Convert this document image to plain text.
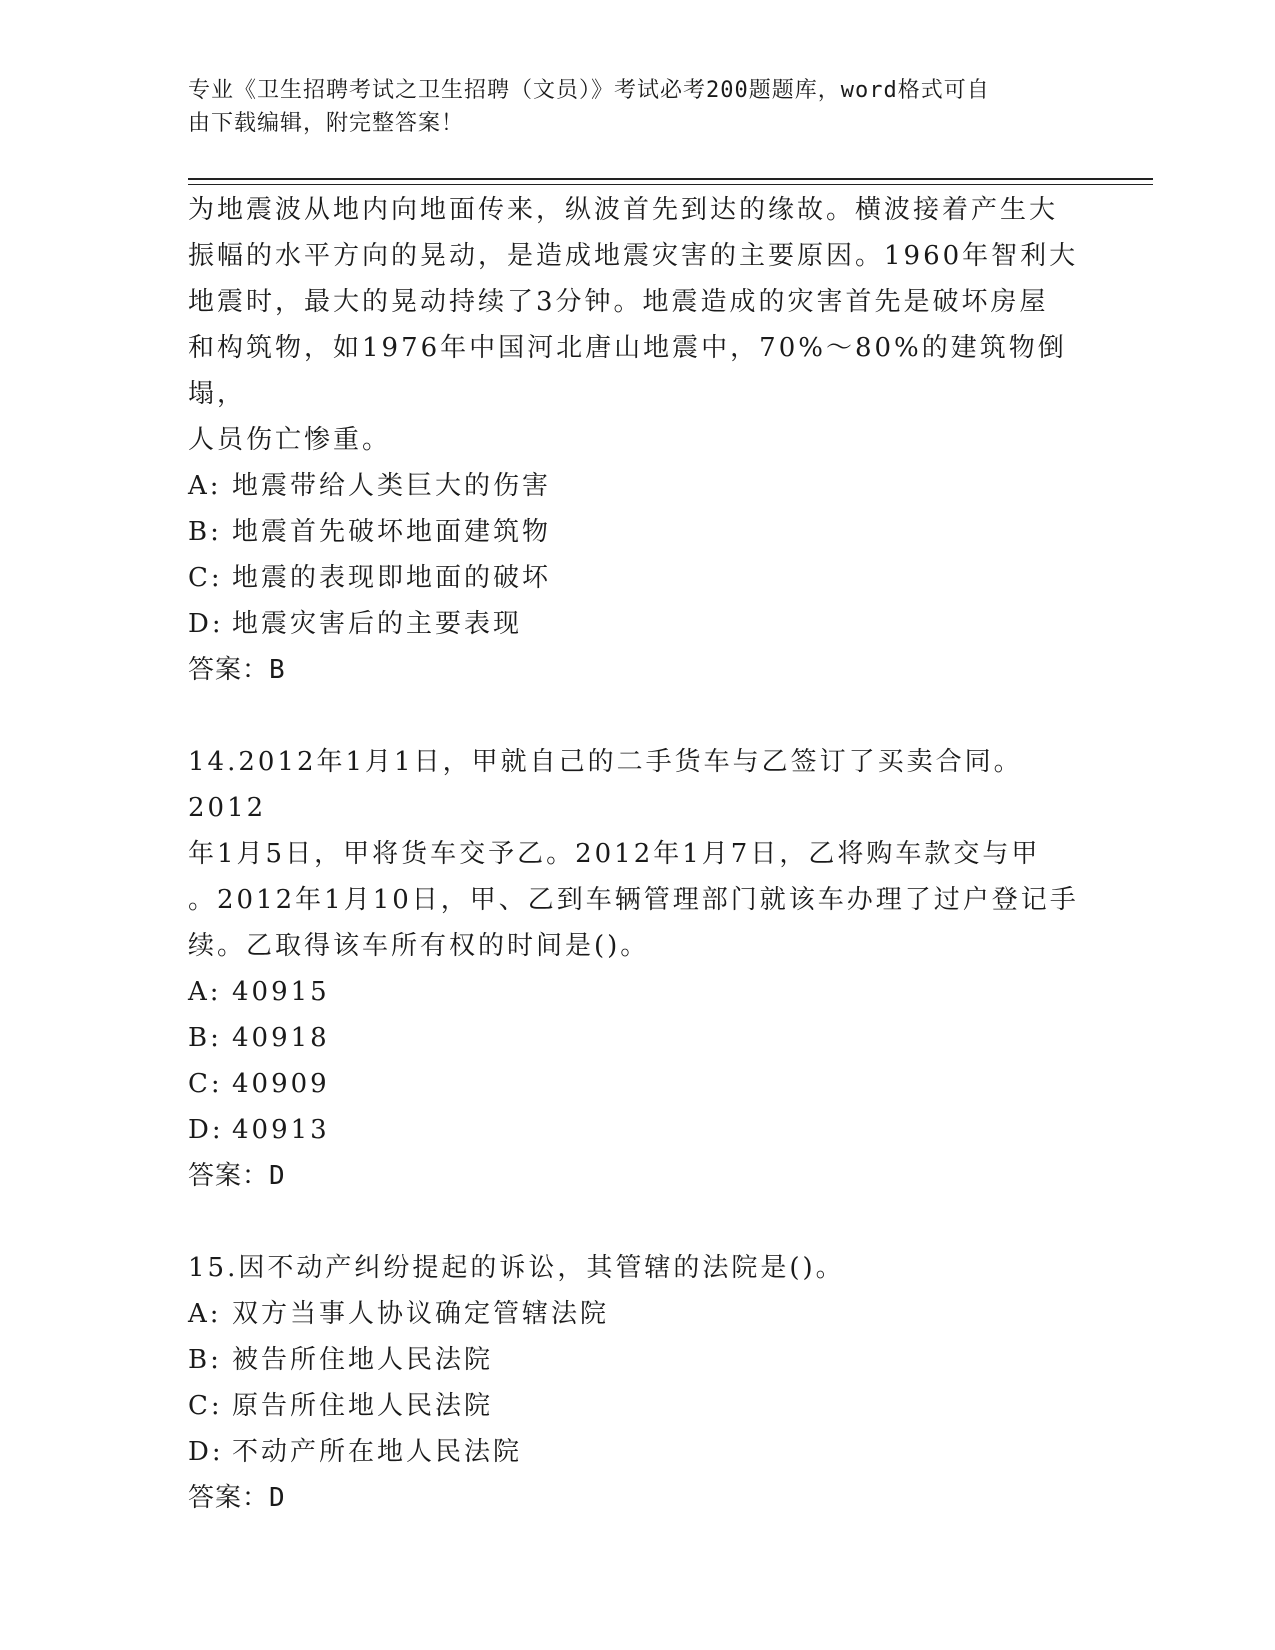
专业《卫生招聘考试之卫生招聘（文员）》考试必考200题题库，word格式可自
由下载编辑，附完整答案！

为地震波从地内向地面传来，纵波首先到达的缘故。横波接着产生大

振幅的水平方向的晃动，是造成地震灾害的主要原因。1960年智利大

地震时，最大的晃动持续了3分钟。地震造成的灾害首先是破坏房屋

和构筑物，如1976年中国河北唐山地震中，70%～80%的建筑物倒塌，

人员伤亡惨重。

A: 地震带给人类巨大的伤害

B: 地震首先破坏地面建筑物

C: 地震的表现即地面的破坏

D: 地震灾害后的主要表现

答案：B

14.2012年1月1日，甲就自己的二手货车与乙签订了买卖合同。2012

年1月5日，甲将货车交予乙。2012年1月7日，乙将购车款交与甲

。2012年1月10日，甲、乙到车辆管理部门就该车办理了过户登记手

续。乙取得该车所有权的时间是()。

A: 40915

B: 40918

C: 40909

D: 40913

答案：D

15.因不动产纠纷提起的诉讼，其管辖的法院是()。

A: 双方当事人协议确定管辖法院

B: 被告所住地人民法院

C: 原告所住地人民法院

D: 不动产所在地人民法院

答案：D
